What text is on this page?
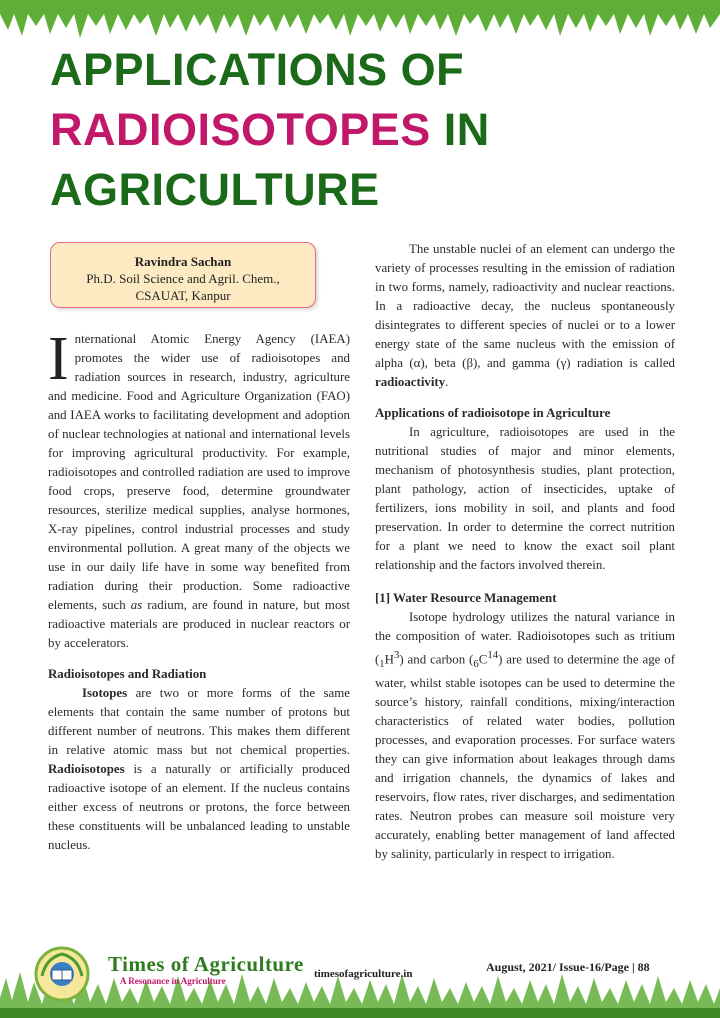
APPLICATIONS OF
RADIOISOTOPES IN
AGRICULTURE
Ravindra Sachan
Ph.D. Soil Science and Agril. Chem.,
CSAUAT, Kanpur

International Atomic Energy Agency (IAEA) promotes the wider use of radioisotopes and radiation sources in research, industry, agriculture and medicine. Food and Agriculture Organization (FAO) and IAEA works to facilitating development and adoption of nuclear technologies at national and international levels for improving agricultural productivity. For example, radioisotopes and controlled radiation are used to improve food crops, preserve food, determine groundwater resources, sterilize medical supplies, analyse hormones, X-ray pipelines, control industrial processes and study environmental pollution. A great many of the objects we use in our daily life have in some way benefited from radiation during their production. Some radioactive elements, such as radium, are found in nature, but most radioactive materials are produced in nuclear reactors or by accelerators.

Radioisotopes and Radiation

Isotopes are two or more forms of the same elements that contain the same number of protons but different number of neutrons. This makes them different in relative atomic mass but not chemical properties. Radioisotopes is a naturally or artificially produced radioactive isotope of an element. If the nucleus contains either excess of neutrons or protons, the force between these constituents will be unbalanced leading to unstable nucleus.

The unstable nuclei of an element can undergo the variety of processes resulting in the emission of radiation in two forms, namely, radioactivity and nuclear reactions. In a radioactive decay, the nucleus spontaneously disintegrates to different species of nuclei or to a lower energy state of the same nucleus with the emission of alpha (α), beta (β), and gamma (γ) radiation is called radioactivity.

Applications of radioisotope in Agriculture

In agriculture, radioisotopes are used in the nutritional studies of major and minor elements, mechanism of photosynthesis studies, plant protection, plant pathology, action of insecticides, uptake of fertilizers, ions mobility in soil, and plants and food preservation. In order to determine the correct nutrition for a plant we need to know the exact soil plant relationship and the factors involved therein.

[1] Water Resource Management

Isotope hydrology utilizes the natural variance in the composition of water. Radioisotopes such as tritium $(_1H^3)$ and carbon $(_6C^{14})$ are used to determine the age of water, whilst stable isotopes can be used to determine the source’s history, rainfall conditions, mixing/interaction characteristics of related water bodies, pollution processes, and evaporation processes. For surface waters they can give information about leakages through dams and irrigation channels, the dynamics of lakes and reservoirs, flow rates, river discharges, and sedimentation rates. Neutron probes can measure soil moisture very accurately, enabling better management of land affected by salinity, particularly in respect to irrigation.

Times of Agriculture
A Resonance in Agriculture
timesofagriculture.in	August, 2021/ Issue-16/Page | 88
